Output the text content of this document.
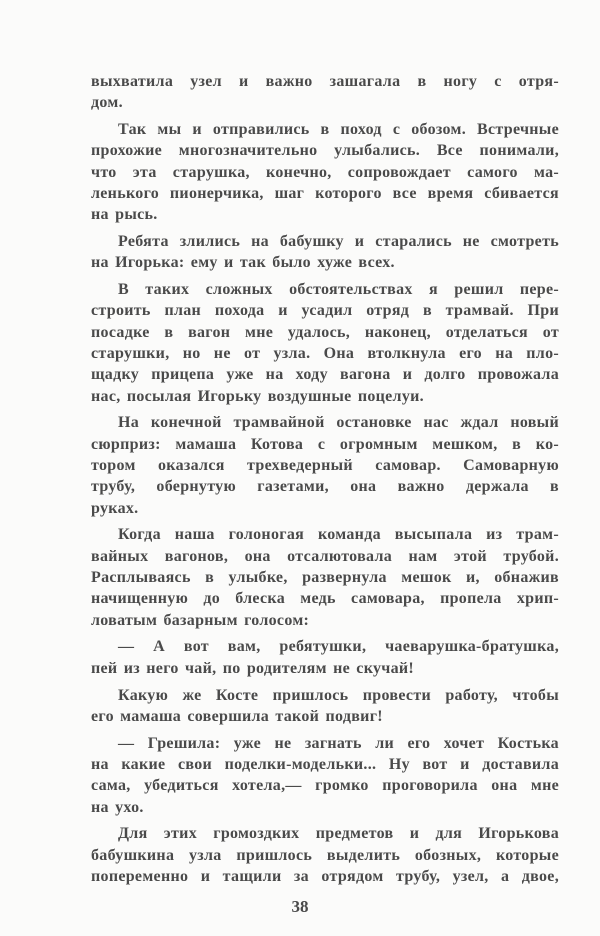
выхватила узел и важно зашагала в ногу с отря-
дом.
Так мы и отправились в поход с обозом. Встречные
прохожие многозначительно улыбались. Все понимали,
что эта старушка, конечно, сопровождает самого ма-
ленького пионерчика, шаг которого все время сбивается
на рысь.
Ребята злились на бабушку и старались не смотреть
на Игорька: ему и так было хуже всех.
В таких сложных обстоятельствах я решил пере-
строить план похода и усадил отряд в трамвай. При
посадке в вагон мне удалось, наконец, отделаться от
старушки, но не от узла. Она втолкнула его на пло-
щадку прицепа уже на ходу вагона и долго провожала
нас, посылая Игорьку воздушные поцелуи.
На конечной трамвайной остановке нас ждал новый
сюрприз: мамаша Котова с огромным мешком, в ко-
тором оказался трехведерный самовар. Самоварную
трубу, обернутую газетами, она важно держала в
руках.
Когда наша голоногая команда высыпала из трам-
вайных вагонов, она отсалютовала нам этой трубой.
Расплываясь в улыбке, развернула мешок и, обнажив
начищенную до блеска медь самовара, пропела хрип-
ловатым базарным голосом:
— А вот вам, ребятушки, чаеварушка-братушка,
пей из него чай, по родителям не скучай!
Какую же Косте пришлось провести работу, чтобы
его мамаша совершила такой подвиг!
— Грешила: уже не загнать ли его хочет Костька
на какие свои поделки-модельки... Ну вот и доставила
сама, убедиться хотела,— громко проговорила она мне
на ухо.
Для этих громоздких предметов и для Игорькова
бабушкина узла пришлось выделить обозных, которые
попеременно и тащили за отрядом трубу, узел, а двое,
38
